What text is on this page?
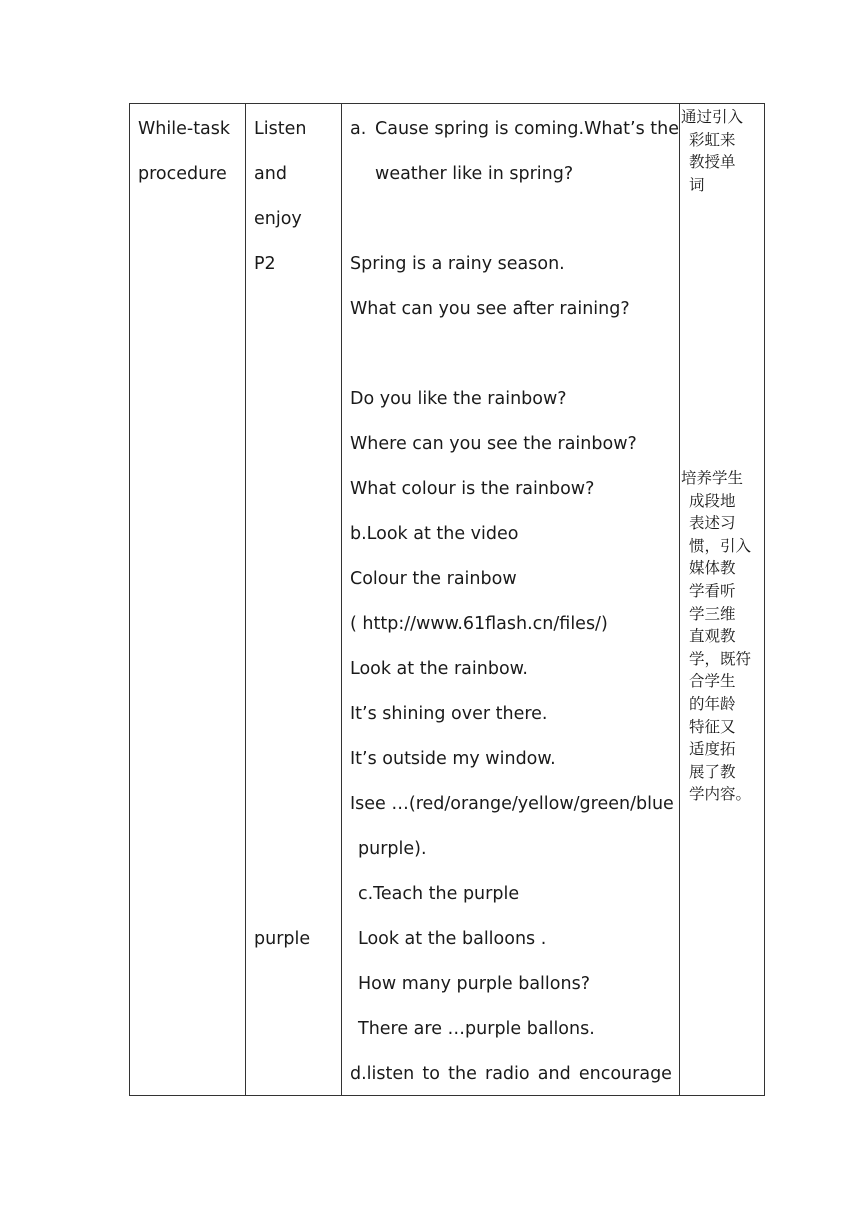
While-task
procedure
Listen
and
enjoy
P2
purple
a. Cause spring is coming.What’s the
weather like in spring?
Spring is a rainy season.
What can you see after raining?
Do you like the rainbow?
Where can you see the rainbow?
What colour is the rainbow?
b.Look at the video
Colour the rainbow
( http://www.61flash.cn/files/)
Look at the rainbow.
It’s shining over there.
It’s outside my window.
Isee …(red/orange/yellow/green/blue
purple).
c.Teach the purple
Look at the balloons .
How many purple ballons?
There are …purple ballons.
d.listen to the radio and encourage
通过引入
彩虹来
教授单
词
培养学生
成段地
表述习
惯，引入
媒体教
学看听
学三维
直观教
学，既符
合学生
的年龄
特征又
适度拓
展了教
学内容。
